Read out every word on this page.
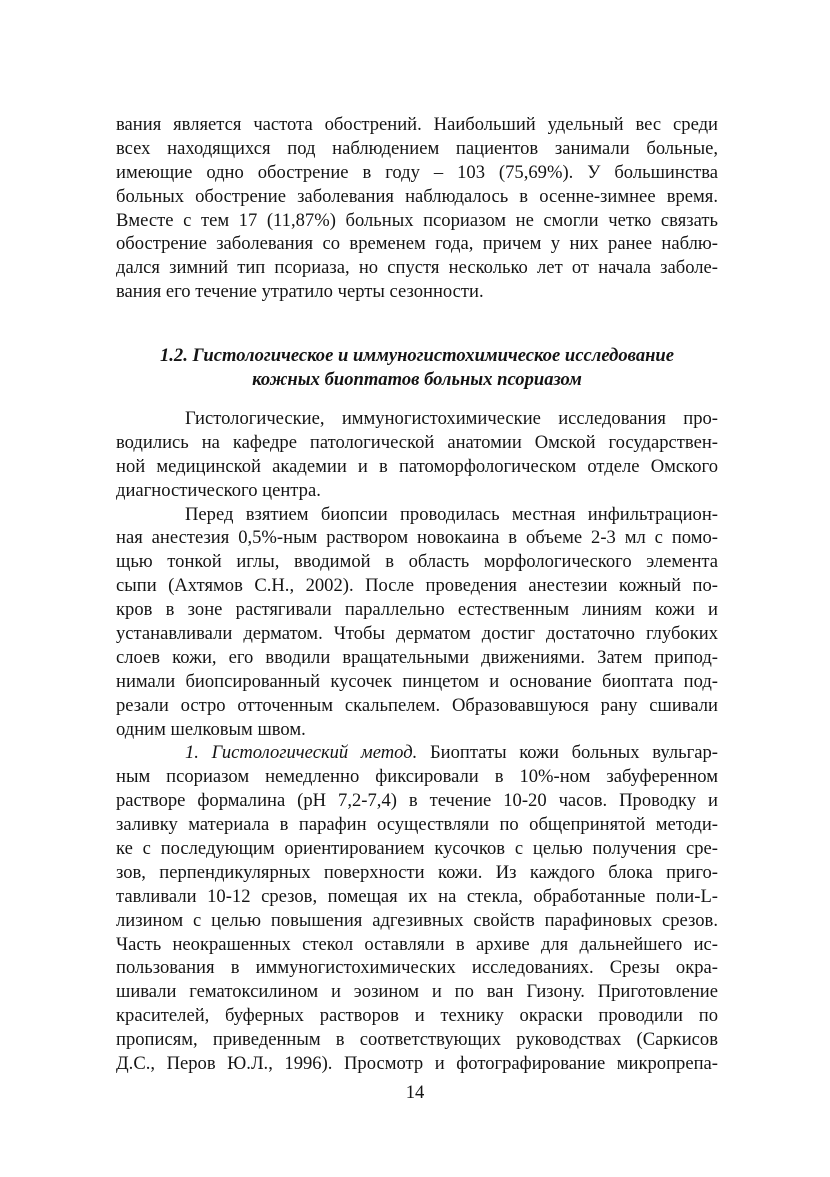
вания является частота обострений. Наибольший удельный вес среди
всех находящихся под наблюдением пациентов занимали больные,
имеющие одно обострение в году – 103 (75,69%). У большинства
больных обострение заболевания наблюдалось в осенне-зимнее время.
Вместе с тем 17 (11,87%) больных псориазом не смогли четко связать
обострение заболевания со временем года, причем у них ранее наблю-
дался зимний тип псориаза, но спустя несколько лет от начала заболе-
вания его течение утратило черты сезонности.
1.2. Гистологическое и иммуногистохимическое исследование
кожных биоптатов больных псориазом
Гистологические, иммуногистохимические исследования про-
водились на кафедре патологической анатомии Омской государствен-
ной медицинской академии и в патоморфологическом отделе Омского
диагностического центра.
Перед взятием биопсии проводилась местная инфильтрацион-
ная анестезия 0,5%-ным раствором новокаина в объеме 2-3 мл с помо-
щью тонкой иглы, вводимой в область морфологического элемента
сыпи (Ахтямов С.Н., 2002). После проведения анестезии кожный по-
кров в зоне растягивали параллельно естественным линиям кожи и
устанавливали дерматом. Чтобы дерматом достиг достаточно глубоких
слоев кожи, его вводили вращательными движениями. Затем припод-
нимали биопсированный кусочек пинцетом и основание биоптата под-
резали остро отточенным скальпелем. Образовавшуюся рану сшивали
одним шелковым швом.
1. Гистологический метод. Биоптаты кожи больных вульгар-
ным псориазом немедленно фиксировали в 10%-ном забуференном
растворе формалина (рН 7,2-7,4) в течение 10-20 часов. Проводку и
заливку материала в парафин осуществляли по общепринятой методи-
ке с последующим ориентированием кусочков с целью получения сре-
зов, перпендикулярных поверхности кожи. Из каждого блока приго-
тавливали 10-12 срезов, помещая их на стекла, обработанные поли-L-
лизином с целью повышения адгезивных свойств парафиновых срезов.
Часть неокрашенных стекол оставляли в архиве для дальнейшего ис-
пользования в иммуногистохимических исследованиях. Срезы окра-
шивали гематоксилином и эозином и по ван Гизону. Приготовление
красителей, буферных растворов и технику окраски проводили по
прописям, приведенным в соответствующих руководствах (Саркисов
Д.С., Перов Ю.Л., 1996). Просмотр и фотографирование микропрепа-
14
